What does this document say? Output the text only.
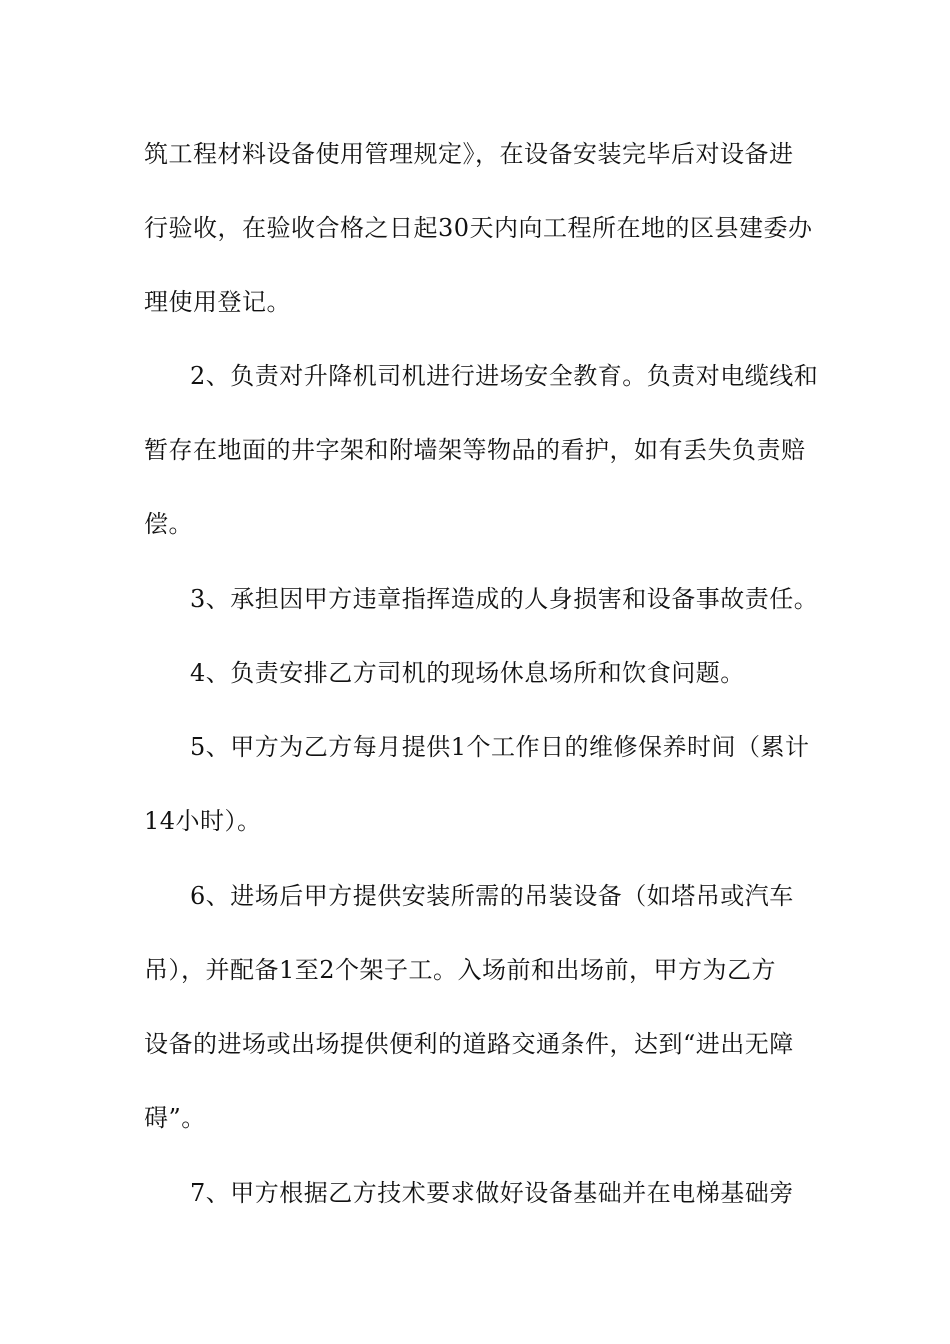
筑工程材料设备使用管理规定》，在设备安装完毕后对设备进
行验收，在验收合格之日起30天内向工程所在地的区县建委办
理使用登记。
2、负责对升降机司机进行进场安全教育。负责对电缆线和
暂存在地面的井字架和附墙架等物品的看护，如有丢失负责赔
偿。
3、承担因甲方违章指挥造成的人身损害和设备事故责任。
4、负责安排乙方司机的现场休息场所和饮食问题。
5、甲方为乙方每月提供1个工作日的维修保养时间（累计
14小时）。
6、进场后甲方提供安装所需的吊装设备（如塔吊或汽车
吊），并配备1至2个架子工。入场前和出场前，甲方为乙方
设备的进场或出场提供便利的道路交通条件，达到“进出无障
碍”。
7、甲方根据乙方技术要求做好设备基础并在电梯基础旁
